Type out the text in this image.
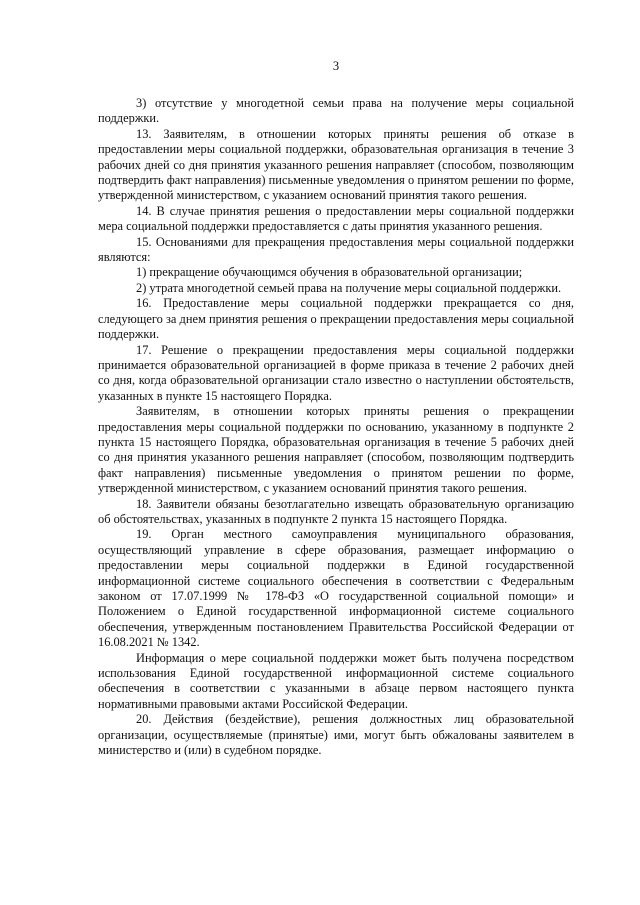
3

3) отсутствие у многодетной семьи права на получение меры социальной поддержки.

13. Заявителям, в отношении которых приняты решения об отказе в предоставлении меры социальной поддержки, образовательная организация в течение 3 рабочих дней со дня принятия указанного решения направляет (способом, позволяющим подтвердить факт направления) письменные уведомления о принятом решении по форме, утвержденной министерством, с указанием оснований принятия такого решения.

14. В случае принятия решения о предоставлении меры социальной поддержки мера социальной поддержки предоставляется с даты принятия указанного решения.

15. Основаниями для прекращения предоставления меры социальной поддержки являются:

1) прекращение обучающимся обучения в образовательной организации;

2) утрата многодетной семьей права на получение меры социальной поддержки.

16. Предоставление меры социальной поддержки прекращается со дня, следующего за днем принятия решения о прекращении предоставления меры социальной поддержки.

17. Решение о прекращении предоставления меры социальной поддержки принимается образовательной организацией в форме приказа в течение 2 рабочих дней со дня, когда образовательной организации стало известно о наступлении обстоятельств, указанных в пункте 15 настоящего Порядка.

Заявителям, в отношении которых приняты решения о прекращении предоставления меры социальной поддержки по основанию, указанному в подпункте 2 пункта 15 настоящего Порядка, образовательная организация в течение 5 рабочих дней со дня принятия указанного решения направляет (способом, позволяющим подтвердить факт направления) письменные уведомления о принятом решении по форме, утвержденной министерством, с указанием оснований принятия такого решения.

18. Заявители обязаны безотлагательно извещать образовательную организацию об обстоятельствах, указанных в подпункте 2 пункта 15 настоящего Порядка.

19. Орган местного самоуправления муниципального образования, осуществляющий управление в сфере образования, размещает информацию о предоставлении меры социальной поддержки в Единой государственной информационной системе социального обеспечения в соответствии с Федеральным законом от 17.07.1999 № 178-ФЗ «О государственной социальной помощи» и Положением о Единой государственной информационной системе социального обеспечения, утвержденным постановлением Правительства Российской Федерации от 16.08.2021 № 1342.

Информация о мере социальной поддержки может быть получена посредством использования Единой государственной информационной системе социального обеспечения в соответствии с указанными в абзаце первом настоящего пункта нормативными правовыми актами Российской Федерации.

20. Действия (бездействие), решения должностных лиц образовательной организации, осуществляемые (принятые) ими, могут быть обжалованы заявителем в министерство и (или) в судебном порядке.
